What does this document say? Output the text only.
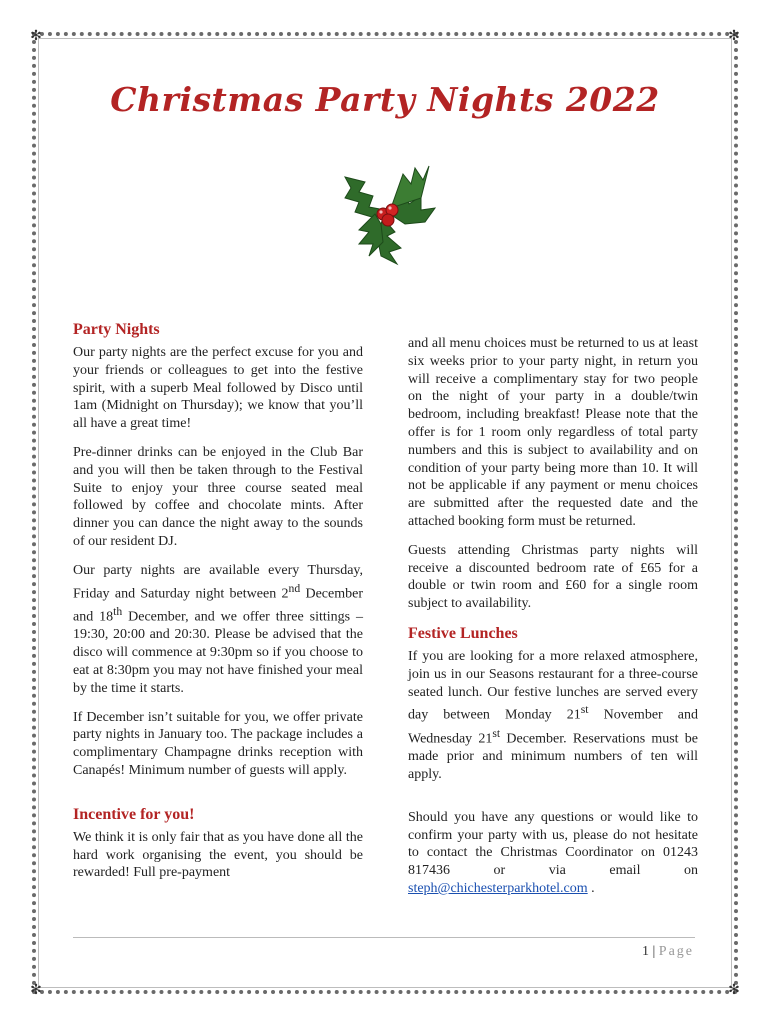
✻	✻
✻	✻
Christmas Party Nights 2022
Party Nights

Our party nights are the perfect excuse for you and your friends or colleagues to get into the festive spirit, with a superb Meal followed by Disco until 1am (Midnight on Thursday); we know that you’ll all have a great time!

Pre-dinner drinks can be enjoyed in the Club Bar and you will then be taken through to the Festival Suite to enjoy your three course seated meal followed by coffee and chocolate mints. After dinner you can dance the night away to the sounds of our resident DJ.

Our party nights are available every Thursday, Friday and Saturday night between 2nd December and 18th December, and we offer three sittings – 19:30, 20:00 and 20:30. Please be advised that the disco will commence at 9:30pm so if you choose to eat at 8:30pm you may not have finished your meal by the time it starts.

If December isn’t suitable for you, we offer private party nights in January too. The package includes a complimentary Champagne drinks reception with Canapés! Minimum number of guests will apply.

Incentive for you!

We think it is only fair that as you have done all the hard work organising the event, you should be rewarded! Full pre-payment

and all menu choices must be returned to us at least six weeks prior to your party night, in return you will receive a complimentary stay for two people on the night of your party in a double/twin bedroom, including breakfast! Please note that the offer is for 1 room only regardless of total party numbers and this is subject to availability and on condition of your party being more than 10. It will not be applicable if any payment or menu choices are submitted after the requested date and the attached booking form must be returned.

Guests attending Christmas party nights will receive a discounted bedroom rate of £65 for a double or twin room and £60 for a single room subject to availability.

Festive Lunches

If you are looking for a more relaxed atmosphere, join us in our Seasons restaurant for a three-course seated lunch. Our festive lunches are served every day between Monday 21st November and Wednesday 21st December. Reservations must be made prior and minimum numbers of ten will apply.

Should you have any questions or would like to confirm your party with us, please do not hesitate to contact the Christmas Coordinator on 01243 817436 or via email on steph@chichesterparkhotel.com .

1 | Page
